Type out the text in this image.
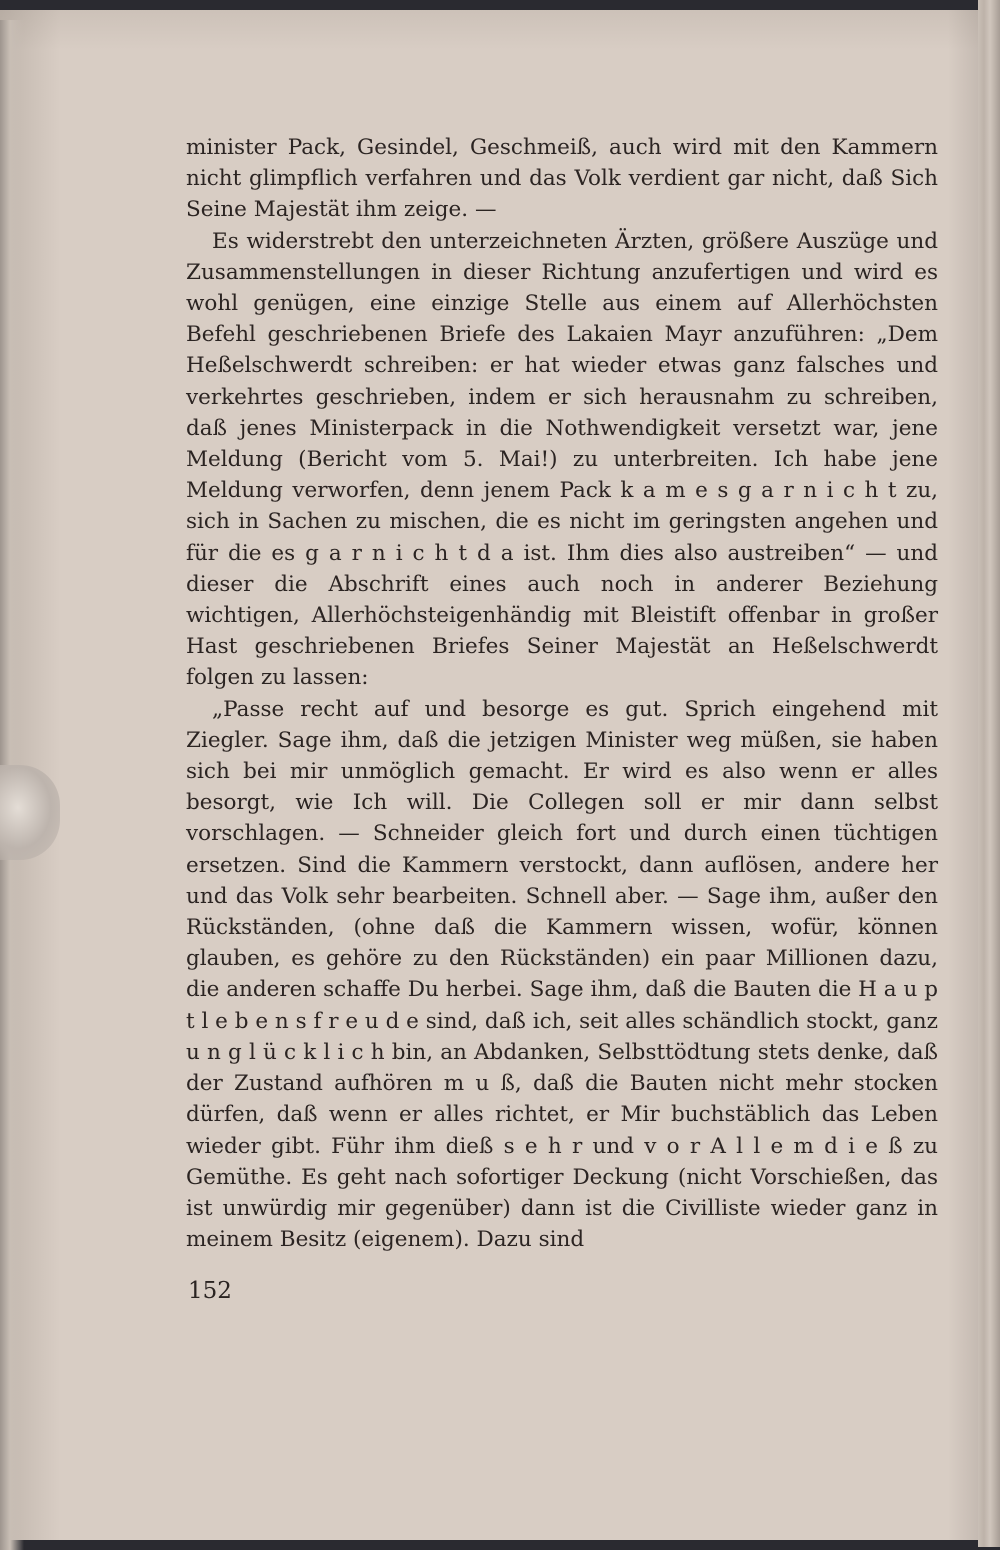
minister Pack, Gesindel, Geschmeiß, auch wird mit den Kammern nicht glimpflich verfahren und das Volk verdient gar nicht, daß Sich Seine Majestät ihm zeige. —

Es widerstrebt den unterzeichneten Ärzten, größere Auszüge und Zusammenstellungen in dieser Richtung anzufertigen und wird es wohl genügen, eine einzige Stelle aus einem auf Allerhöchsten Befehl geschriebenen Briefe des Lakaien Mayr anzuführen: „Dem Heßelschwerdt schreiben: er hat wieder etwas ganz falsches und verkehrtes geschrieben, indem er sich herausnahm zu schreiben, daß jenes Ministerpack in die Nothwendigkeit versetzt war, jene Meldung (Bericht vom 5. Mai!) zu unterbreiten. Ich habe jene Meldung verworfen, denn jenem Pack k a m e s g a r n i c h t zu, sich in Sachen zu mischen, die es nicht im geringsten angehen und für die es g a r n i c h t d a ist. Ihm dies also austreiben“ — und dieser die Abschrift eines auch noch in anderer Beziehung wichtigen, Allerhöchsteigenhändig mit Bleistift offenbar in großer Hast geschriebenen Briefes Seiner Majestät an Heßelschwerdt folgen zu lassen:

„Passe recht auf und besorge es gut. Sprich eingehend mit Ziegler. Sage ihm, daß die jetzigen Minister weg müßen, sie haben sich bei mir unmöglich gemacht. Er wird es also wenn er alles besorgt, wie Ich will. Die Collegen soll er mir dann selbst vorschlagen. — Schneider gleich fort und durch einen tüchtigen ersetzen. Sind die Kammern verstockt, dann auflösen, andere her und das Volk sehr bearbeiten. Schnell aber. — Sage ihm, außer den Rückständen, (ohne daß die Kammern wissen, wofür, können glauben, es gehöre zu den Rückständen) ein paar Millionen dazu, die anderen schaffe Du herbei. Sage ihm, daß die Bauten die H a u p t l e b e n s f r e u d e sind, daß ich, seit alles schändlich stockt, ganz u n g l ü c k l i c h bin, an Abdanken, Selbsttödtung stets denke, daß der Zustand aufhören m u ß, daß die Bauten nicht mehr stocken dürfen, daß wenn er alles richtet, er Mir buchstäblich das Leben wieder gibt. Führ ihm dieß s e h r und v o r A l l e m d i e ß zu Gemüthe. Es geht nach sofortiger Deckung (nicht Vorschießen, das ist unwürdig mir gegenüber) dann ist die Civilliste wieder ganz in meinem Besitz (eigenem). Dazu sind

152
